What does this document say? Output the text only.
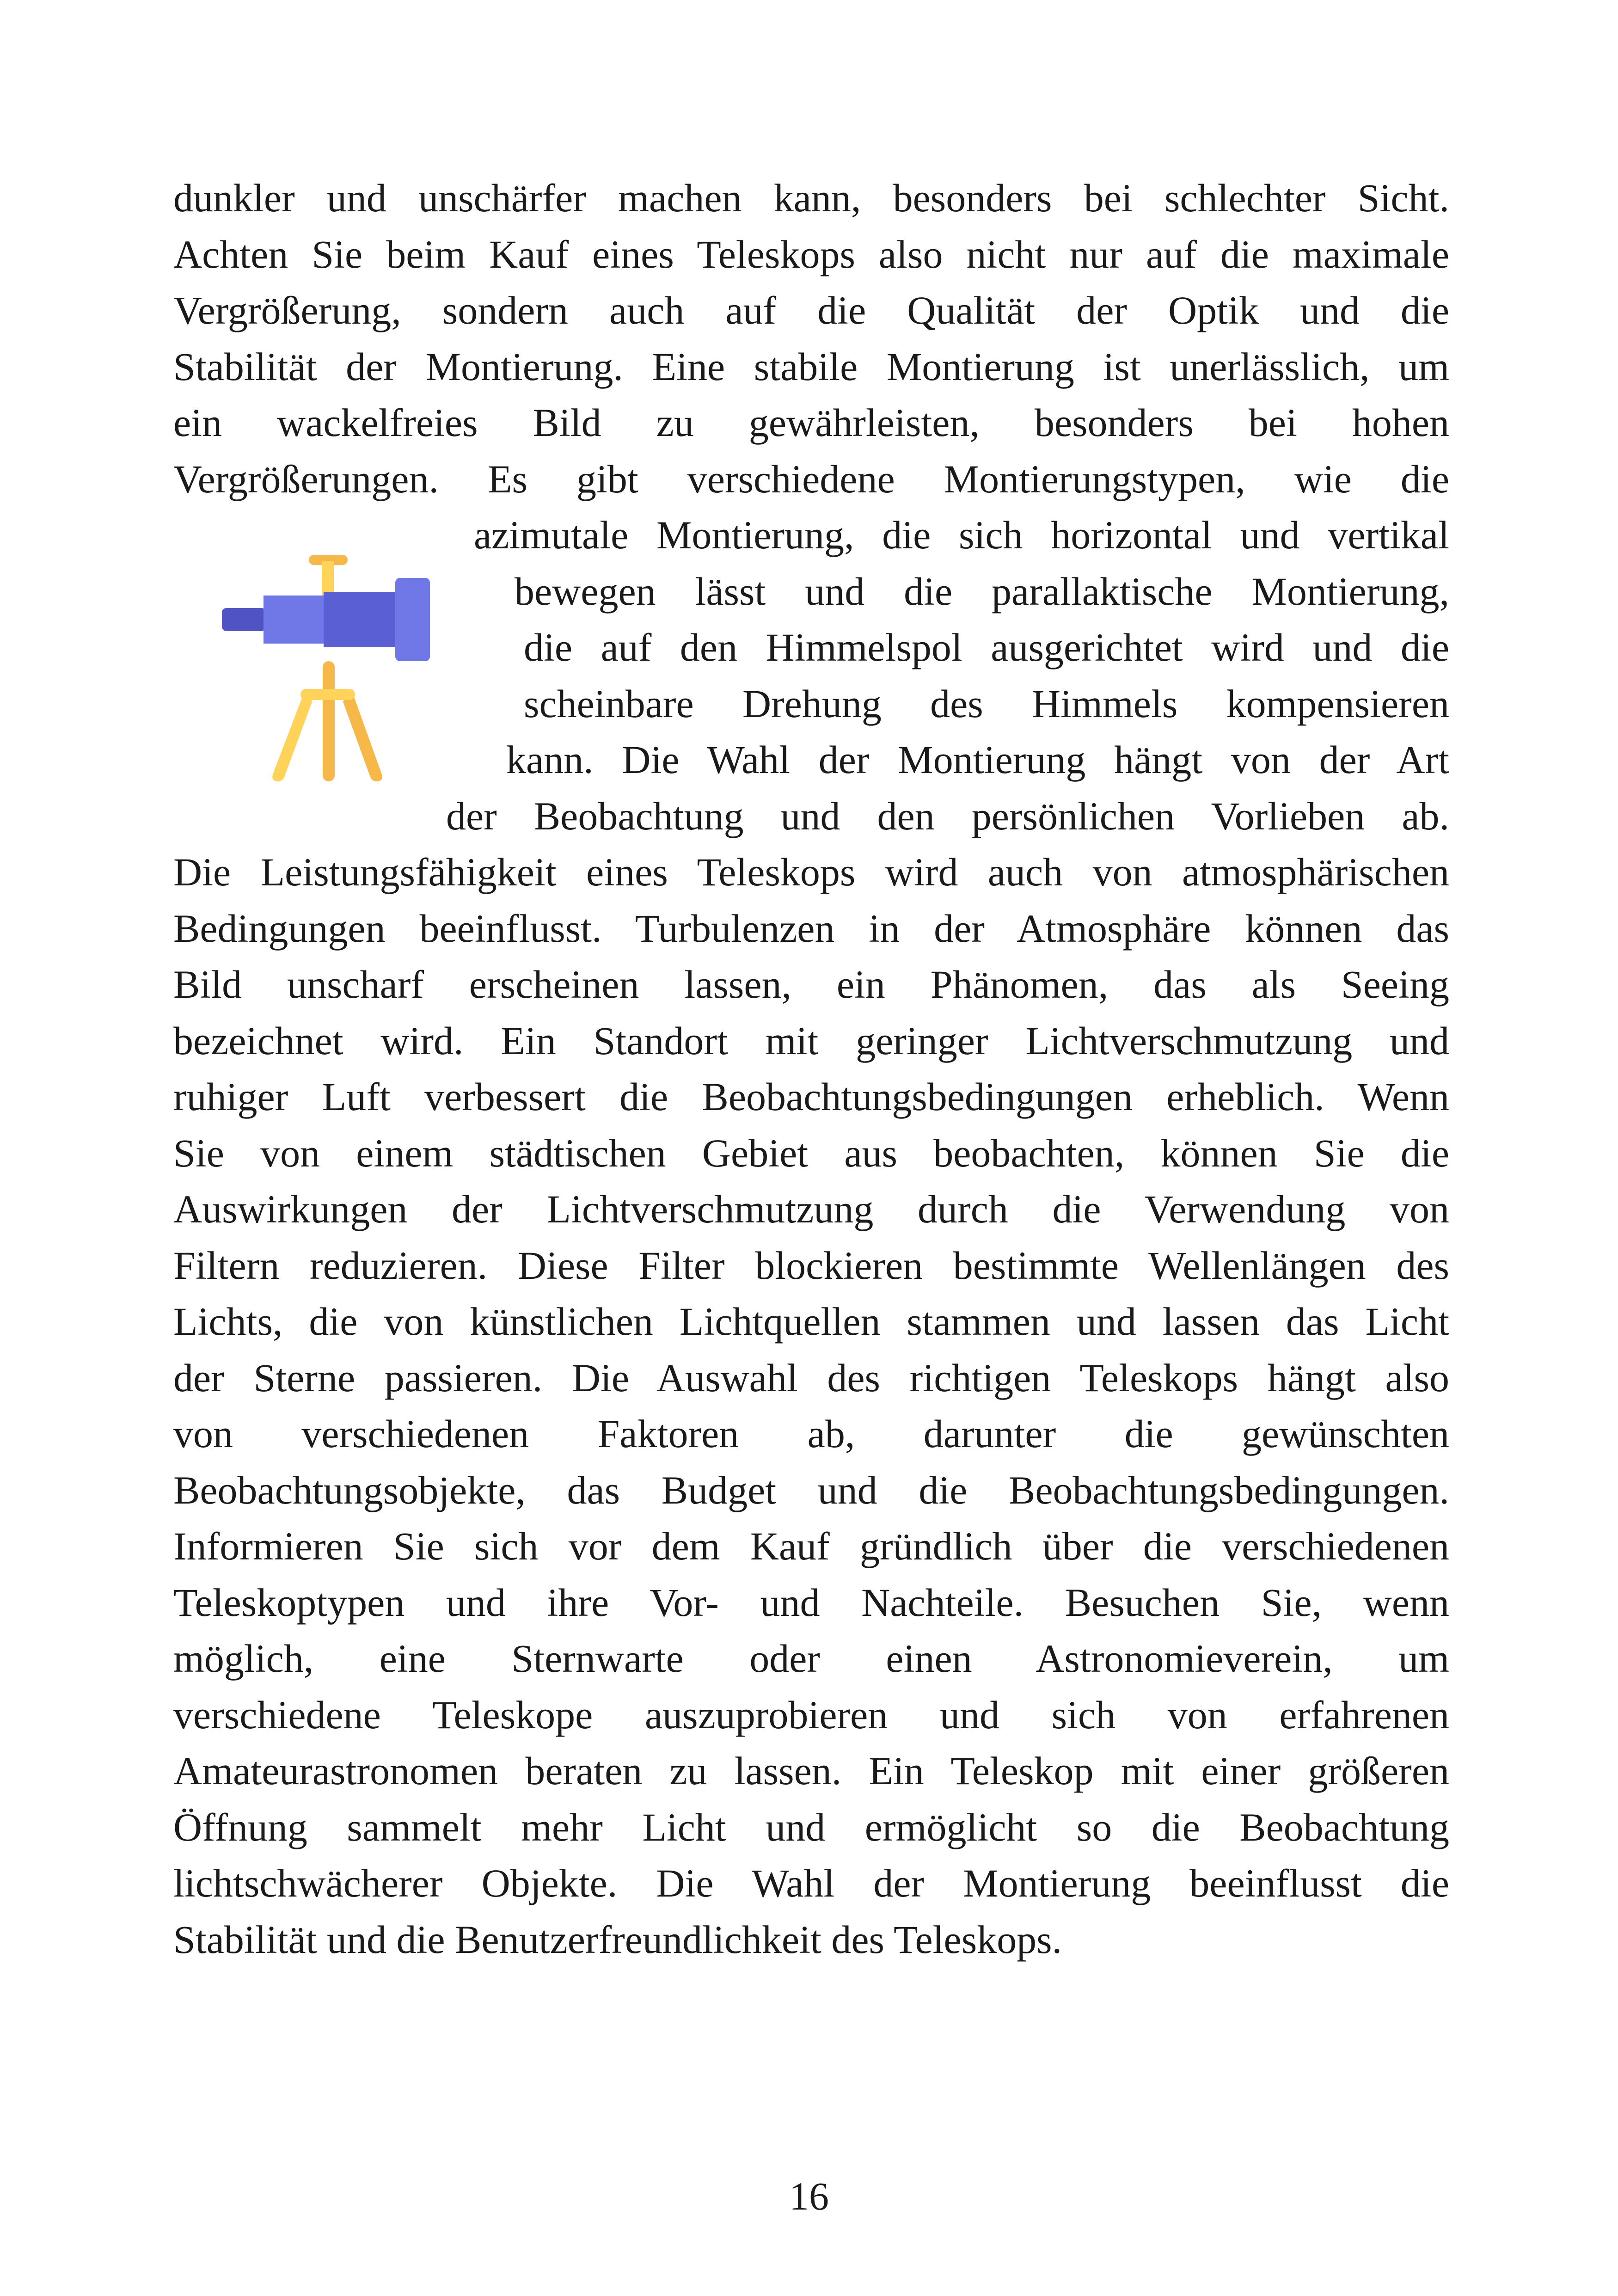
dunkler und unschärfer machen kann, besonders bei schlechter Sicht.
Achten Sie beim Kauf eines Teleskops also nicht nur auf die maximale
Vergrößerung, sondern auch auf die Qualität der Optik und die
Stabilität der Montierung. Eine stabile Montierung ist unerlässlich, um
ein wackelfreies Bild zu gewährleisten, besonders bei hohen
Vergrößerungen. Es gibt verschiedene Montierungstypen, wie die
azimutale Montierung, die sich horizontal und vertikal
bewegen lässt und die parallaktische Montierung,
die auf den Himmelspol ausgerichtet wird und die
scheinbare Drehung des Himmels kompensieren
kann. Die Wahl der Montierung hängt von der Art
der Beobachtung und den persönlichen Vorlieben ab.
Die Leistungsfähigkeit eines Teleskops wird auch von atmosphärischen
Bedingungen beeinflusst. Turbulenzen in der Atmosphäre können das
Bild unscharf erscheinen lassen, ein Phänomen, das als Seeing
bezeichnet wird. Ein Standort mit geringer Lichtverschmutzung und
ruhiger Luft verbessert die Beobachtungsbedingungen erheblich. Wenn
Sie von einem städtischen Gebiet aus beobachten, können Sie die
Auswirkungen der Lichtverschmutzung durch die Verwendung von
Filtern reduzieren. Diese Filter blockieren bestimmte Wellenlängen des
Lichts, die von künstlichen Lichtquellen stammen und lassen das Licht
der Sterne passieren. Die Auswahl des richtigen Teleskops hängt also
von verschiedenen Faktoren ab, darunter die gewünschten
Beobachtungsobjekte, das Budget und die Beobachtungsbedingungen.
Informieren Sie sich vor dem Kauf gründlich über die verschiedenen
Teleskoptypen und ihre Vor- und Nachteile. Besuchen Sie, wenn
möglich, eine Sternwarte oder einen Astronomieverein, um
verschiedene Teleskope auszuprobieren und sich von erfahrenen
Amateurastronomen beraten zu lassen. Ein Teleskop mit einer größeren
Öffnung sammelt mehr Licht und ermöglicht so die Beobachtung
lichtschwächerer Objekte. Die Wahl der Montierung beeinflusst die
Stabilität und die Benutzerfreundlichkeit des Teleskops.
16
